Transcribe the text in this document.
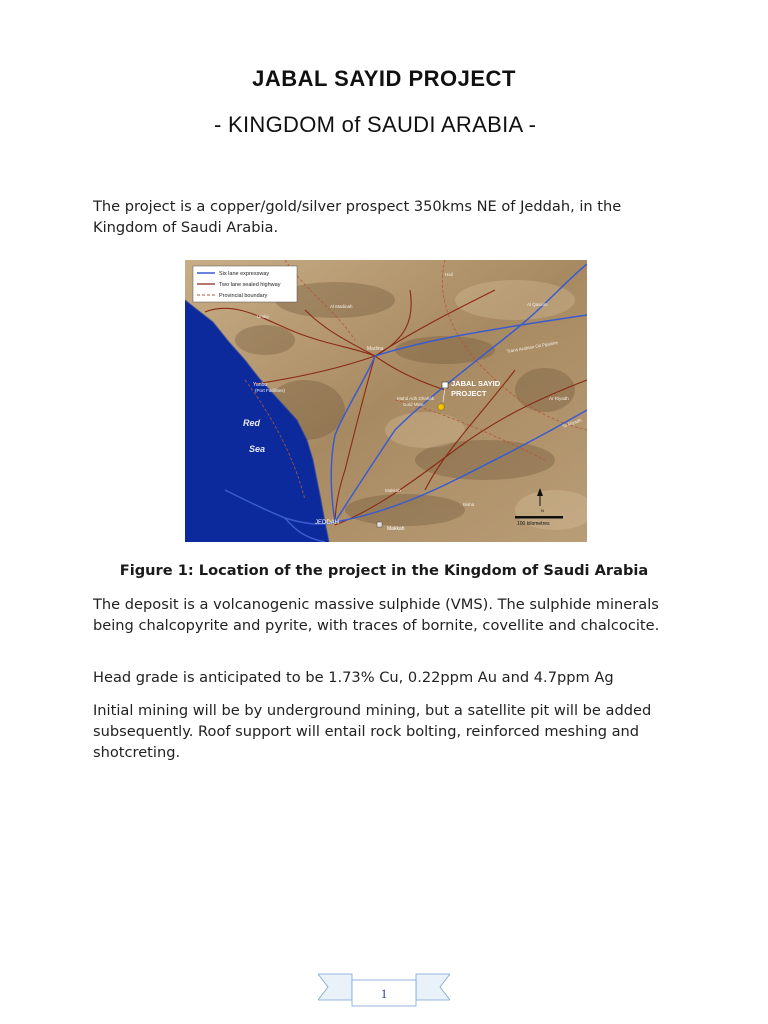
JABAL SAYID PROJECT
- KINGDOM of SAUDI ARABIA -

The project is a copper/gold/silver prospect 350kms NE of Jeddah, in the Kingdom of Saudi Arabia.

Six lane expressway
Two lane sealed highway
Provincial boundary
Red
Sea
JEDDAH
Makkah
Madina
Yanbu
(Port Facilities)
Mahd Adh Dhahab
Gold Mine
Trans Arabian Oil Pipeline
To Riyadh
Al Madinah
Umluj
Al Qassim
Ar Riyadh
Hail
Makkah
Bisha
JABAL SAYID
PROJECT
N
100 kilometres
Figure 1: Location of the project in the Kingdom of Saudi Arabia

The deposit is a volcanogenic massive sulphide (VMS). The sulphide minerals being chalcopyrite and pyrite, with traces of bornite, covellite and chalcocite.

Head grade is anticipated to be 1.73% Cu, 0.22ppm Au and 4.7ppm Ag

Initial mining will be by underground mining, but a satellite pit will be added subsequently. Roof support will entail rock bolting, reinforced meshing and shotcreting.

1
